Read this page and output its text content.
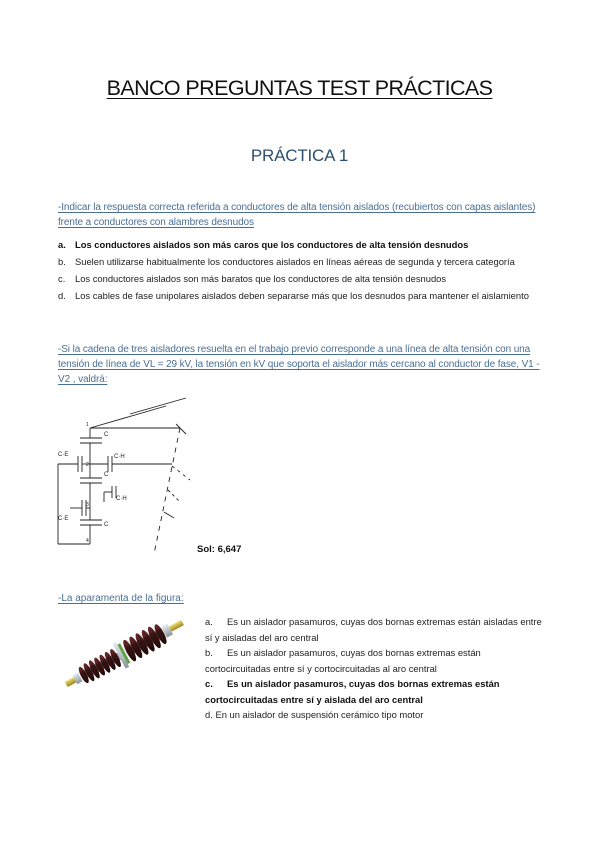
BANCO PREGUNTAS TEST PRÁCTICAS
PRÁCTICA 1
-Indicar la respuesta correcta referida a conductores de alta tensión aislados (recubiertos con capas aislantes) frente a conductores con alambres desnudos
a. Los conductores aislados son más caros que los conductores de alta tensión desnudos
b. Suelen utilizarse habitualmente los conductores aislados en líneas aéreas de segunda y tercera categoría
c. Los conductores aislados son más baratos que los conductores de alta tensión desnudos
d. Los cables de fase unipolares aislados deben separarse más que los desnudos para mantener el aislamiento
-Si la cadena de tres aisladores resuelta en el trabajo previo corresponde a una línea de alta tensión con una tensión de línea de VL = 29 kV, la tensión en kV que soporta el aislador más cercano al conductor de fase, V1 - V2 , valdrá:
C·E
C·E
C
C
C
C·H
C·H
1
2
3
4
Sol: 6,647
-La aparamenta de la figura:
a. Es un aislador pasamuros, cuyas dos bornas extremas están aisladas entre sí y aisladas del aro central
b. Es un aislador pasamuros, cuyas dos bornas extremas están cortocircuitadas entre sí y cortocircuitadas al aro central
c. Es un aislador pasamuros, cuyas dos bornas extremas están cortocircuitadas entre sí y aislada del aro central
d. En un aislador de suspensión cerámico tipo motor
